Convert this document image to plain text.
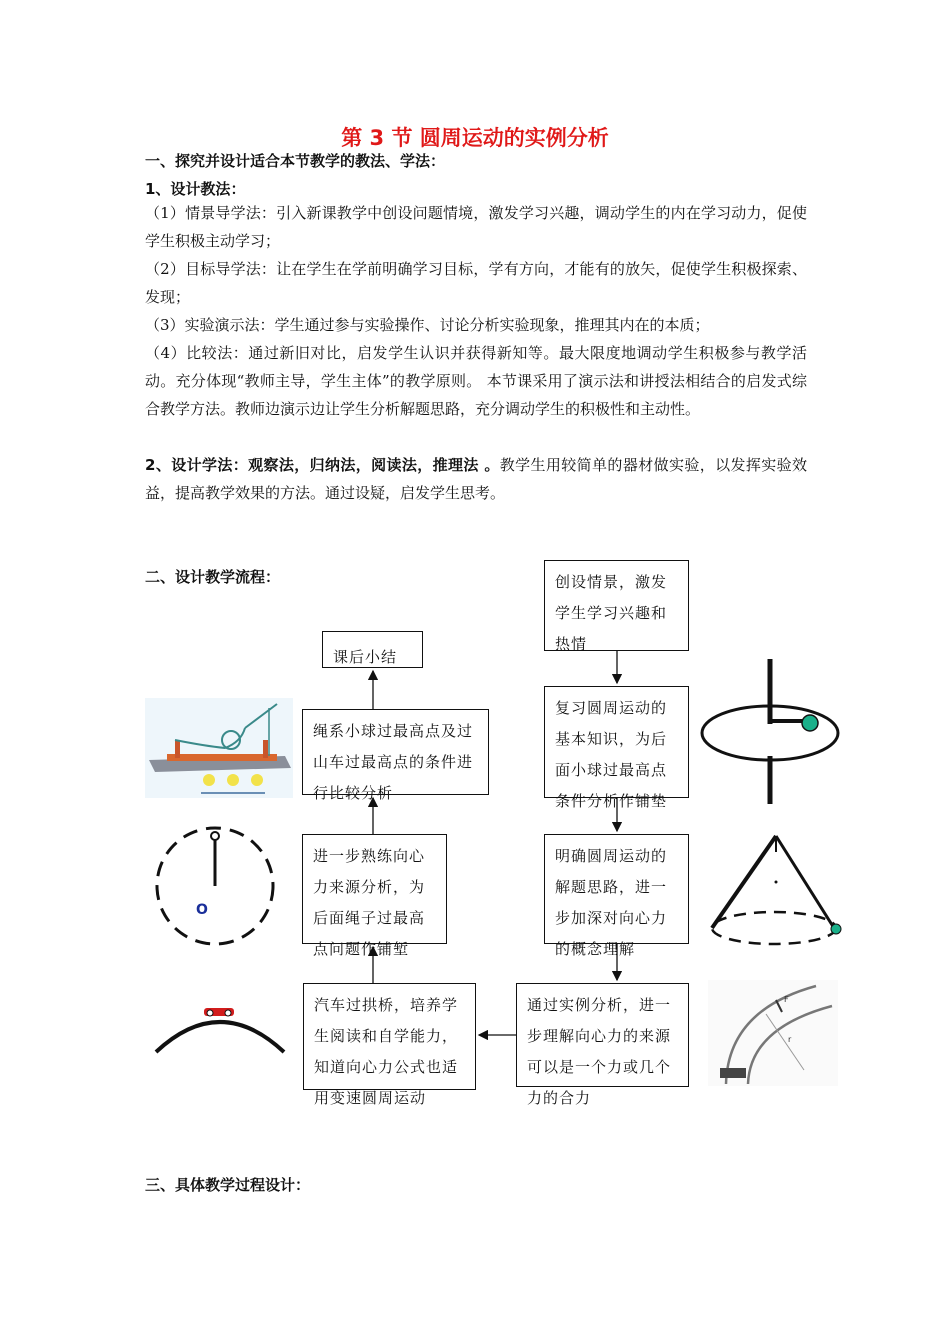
第 3 节 圆周运动的实例分析
一、探究并设计适合本节教学的教法、学法：
1、设计教法：
（1）情景导学法：引入新课教学中创设问题情境，激发学习兴趣，调动学生的内在学习动力，促使学生积极主动学习；
（2）目标导学法：让在学生在学前明确学习目标，学有方向，才能有的放矢，促使学生积极探索、发现；
（3）实验演示法：学生通过参与实验操作、讨论分析实验现象，推理其内在的本质；
（4）比较法：通过新旧对比，启发学生认识并获得新知等。最大限度地调动学生积极参与教学活动。充分体现“教师主导，学生主体”的教学原则。 本节课采用了演示法和讲授法相结合的启发式综合教学方法。教师边演示边让学生分析解题思路，充分调动学生的积极性和主动性。
2、设计学法：观察法，归纳法，阅读法，推理法 。教学生用较简单的器材做实验，以发挥实验效益，提高教学效果的方法。通过设疑，启发学生思考。
二、设计教学流程：	创设情景，激发学生学习兴趣和热情
复习圆周运动的基本知识，为后面小球过最高点条件分析作铺垫
明确圆周运动的解题思路，进一步加深对向心力的概念理解
通过实例分析，进一步理解向心力的来源可以是一个力或几个力的合力
汽车过拱桥，培养学生阅读和自学能力，知道向心力公式也适用变速圆周运动
进一步熟练向心力来源分析，为后面绳子过最高点问题作铺堑
绳系小球过最高点及过山车过最高点的条件进行比较分析
课后小结
O
F
r
三、具体教学过程设计：
